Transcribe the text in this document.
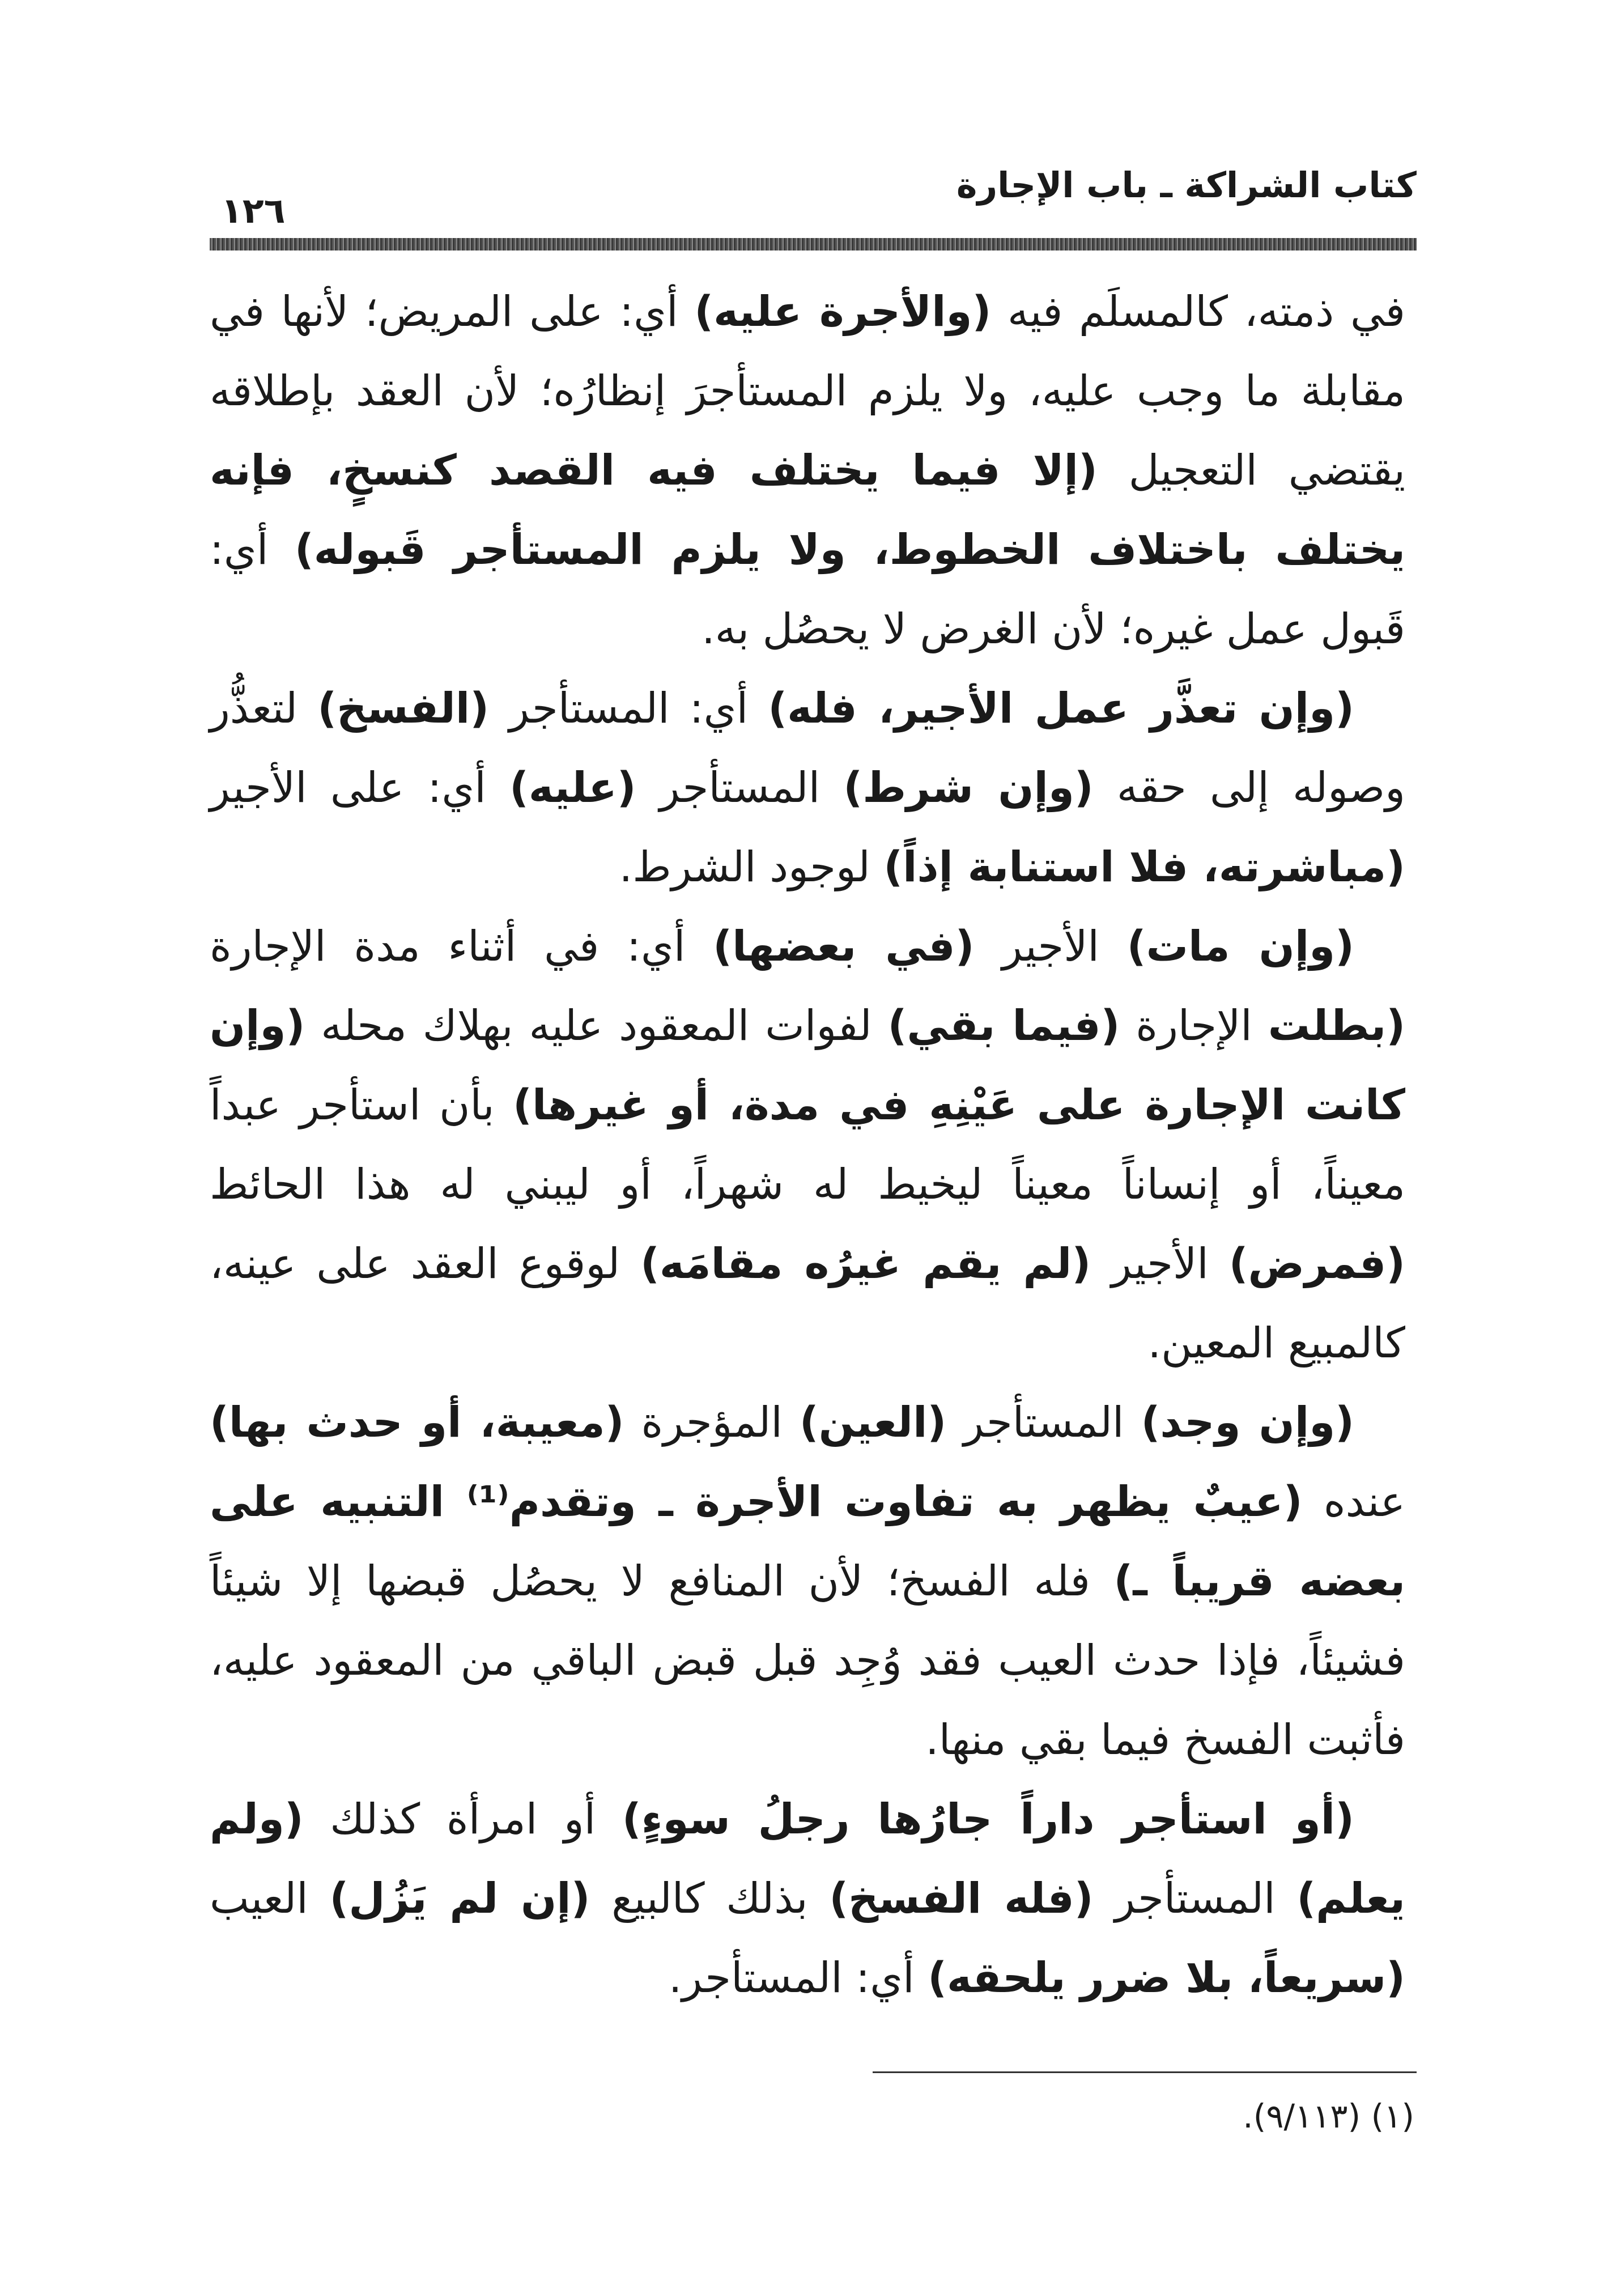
كتاب الشراكة ـ باب الإجارة
١٢٦

في ذمته، كالمسلَم فيه (والأجرة عليه) أي: على المريض؛ لأنها في مقابلة ما وجب عليه، ولا يلزم المستأجرَ إنظارُه؛ لأن العقد بإطلاقه يقتضي التعجيل (إلا فيما يختلف فيه القصد كنسخٍ، فإنه يختلف باختلاف الخطوط، ولا يلزم المستأجر قَبوله) أي: قَبول عمل غيره؛ لأن الغرض لا يحصُل به.

(وإن تعذَّر عمل الأجير، فله) أي: المستأجر (الفسخ) لتعذُّر وصوله إلى حقه (وإن شرط) المستأجر (عليه) أي: على الأجير (مباشرته، فلا استنابة إذاً) لوجود الشرط.

(وإن مات) الأجير (في بعضها) أي: في أثناء مدة الإجارة (بطلت الإجارة (فيما بقي) لفوات المعقود عليه بهلاك محله (وإن كانت الإجارة على عَيْنِهِ في مدة، أو غيرها) بأن استأجر عبداً معيناً، أو إنساناً معيناً ليخيط له شهراً، أو ليبني له هذا الحائط (فمرض) الأجير (لم يقم غيرُه مقامَه) لوقوع العقد على عينه، كالمبيع المعين.

(وإن وجد) المستأجر (العين) المؤجرة (معيبة، أو حدث بها) عنده (عيبٌ يظهر به تفاوت الأجرة ـ وتقدم⁽¹⁾ التنبيه على بعضه قريباً ـ) فله الفسخ؛ لأن المنافع لا يحصُل قبضها إلا شيئاً فشيئاً، فإذا حدث العيب فقد وُجِد قبل قبض الباقي من المعقود عليه، فأثبت الفسخ فيما بقي منها.

(أو استأجر داراً جارُها رجلُ سوءٍ) أو امرأة كذلك (ولم يعلم) المستأجر (فله الفسخ) بذلك كالبيع (إن لم يَزُل) العيب (سريعاً، بلا ضرر يلحقه) أي: المستأجر.

(١) (٩/١١٣).
